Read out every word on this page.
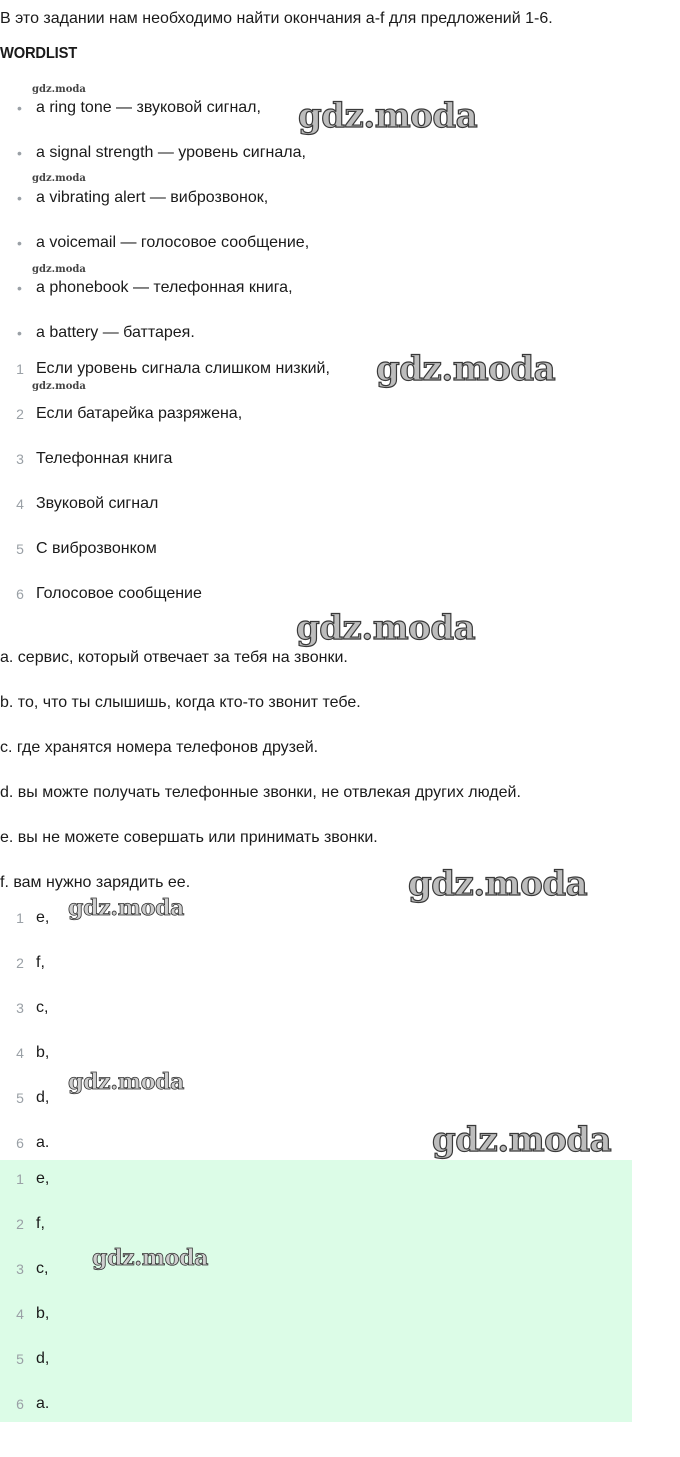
В это задании нам необходимо найти окончания a-f для предложений 1-6.
WORDLIST
• a ring tone — звуковой сигнал,
• a signal strength — уровень сигнала,
• a vibrating alert — виброзвонок,
• a voicemail — голосовое сообщение,
• a phonebook — телефонная книга,
• a battery — баттарея.
1 Если уровень сигнала слишком низкий,
2 Если батарейка разряжена,
3 Телефонная книга
4 Звуковой сигнал
5 С виброзвонком
6 Голосовое сообщение
a. сервис, который отвечает за тебя на звонки.
b. то, что ты слышишь, когда кто-то звонит тебе.
c. где хранятся номера телефонов друзей.
d. вы можте получать телефонные звонки, не отвлекая других людей.
e. вы не можете совершать или принимать звонки.
f. вам нужно зарядить ее.
1 e,
2 f,
3 c,
4 b,
5 d,
6 a.
1 e,
2 f,
3 c,
4 b,
5 d,
6 a.
gdz.moda
gdz.moda
gdz.moda
gdz.moda
gdz.moda
gdz.moda
gdz.moda
gdz.moda
gdz.moda
gdz.moda
gdz.moda
gdz.moda
